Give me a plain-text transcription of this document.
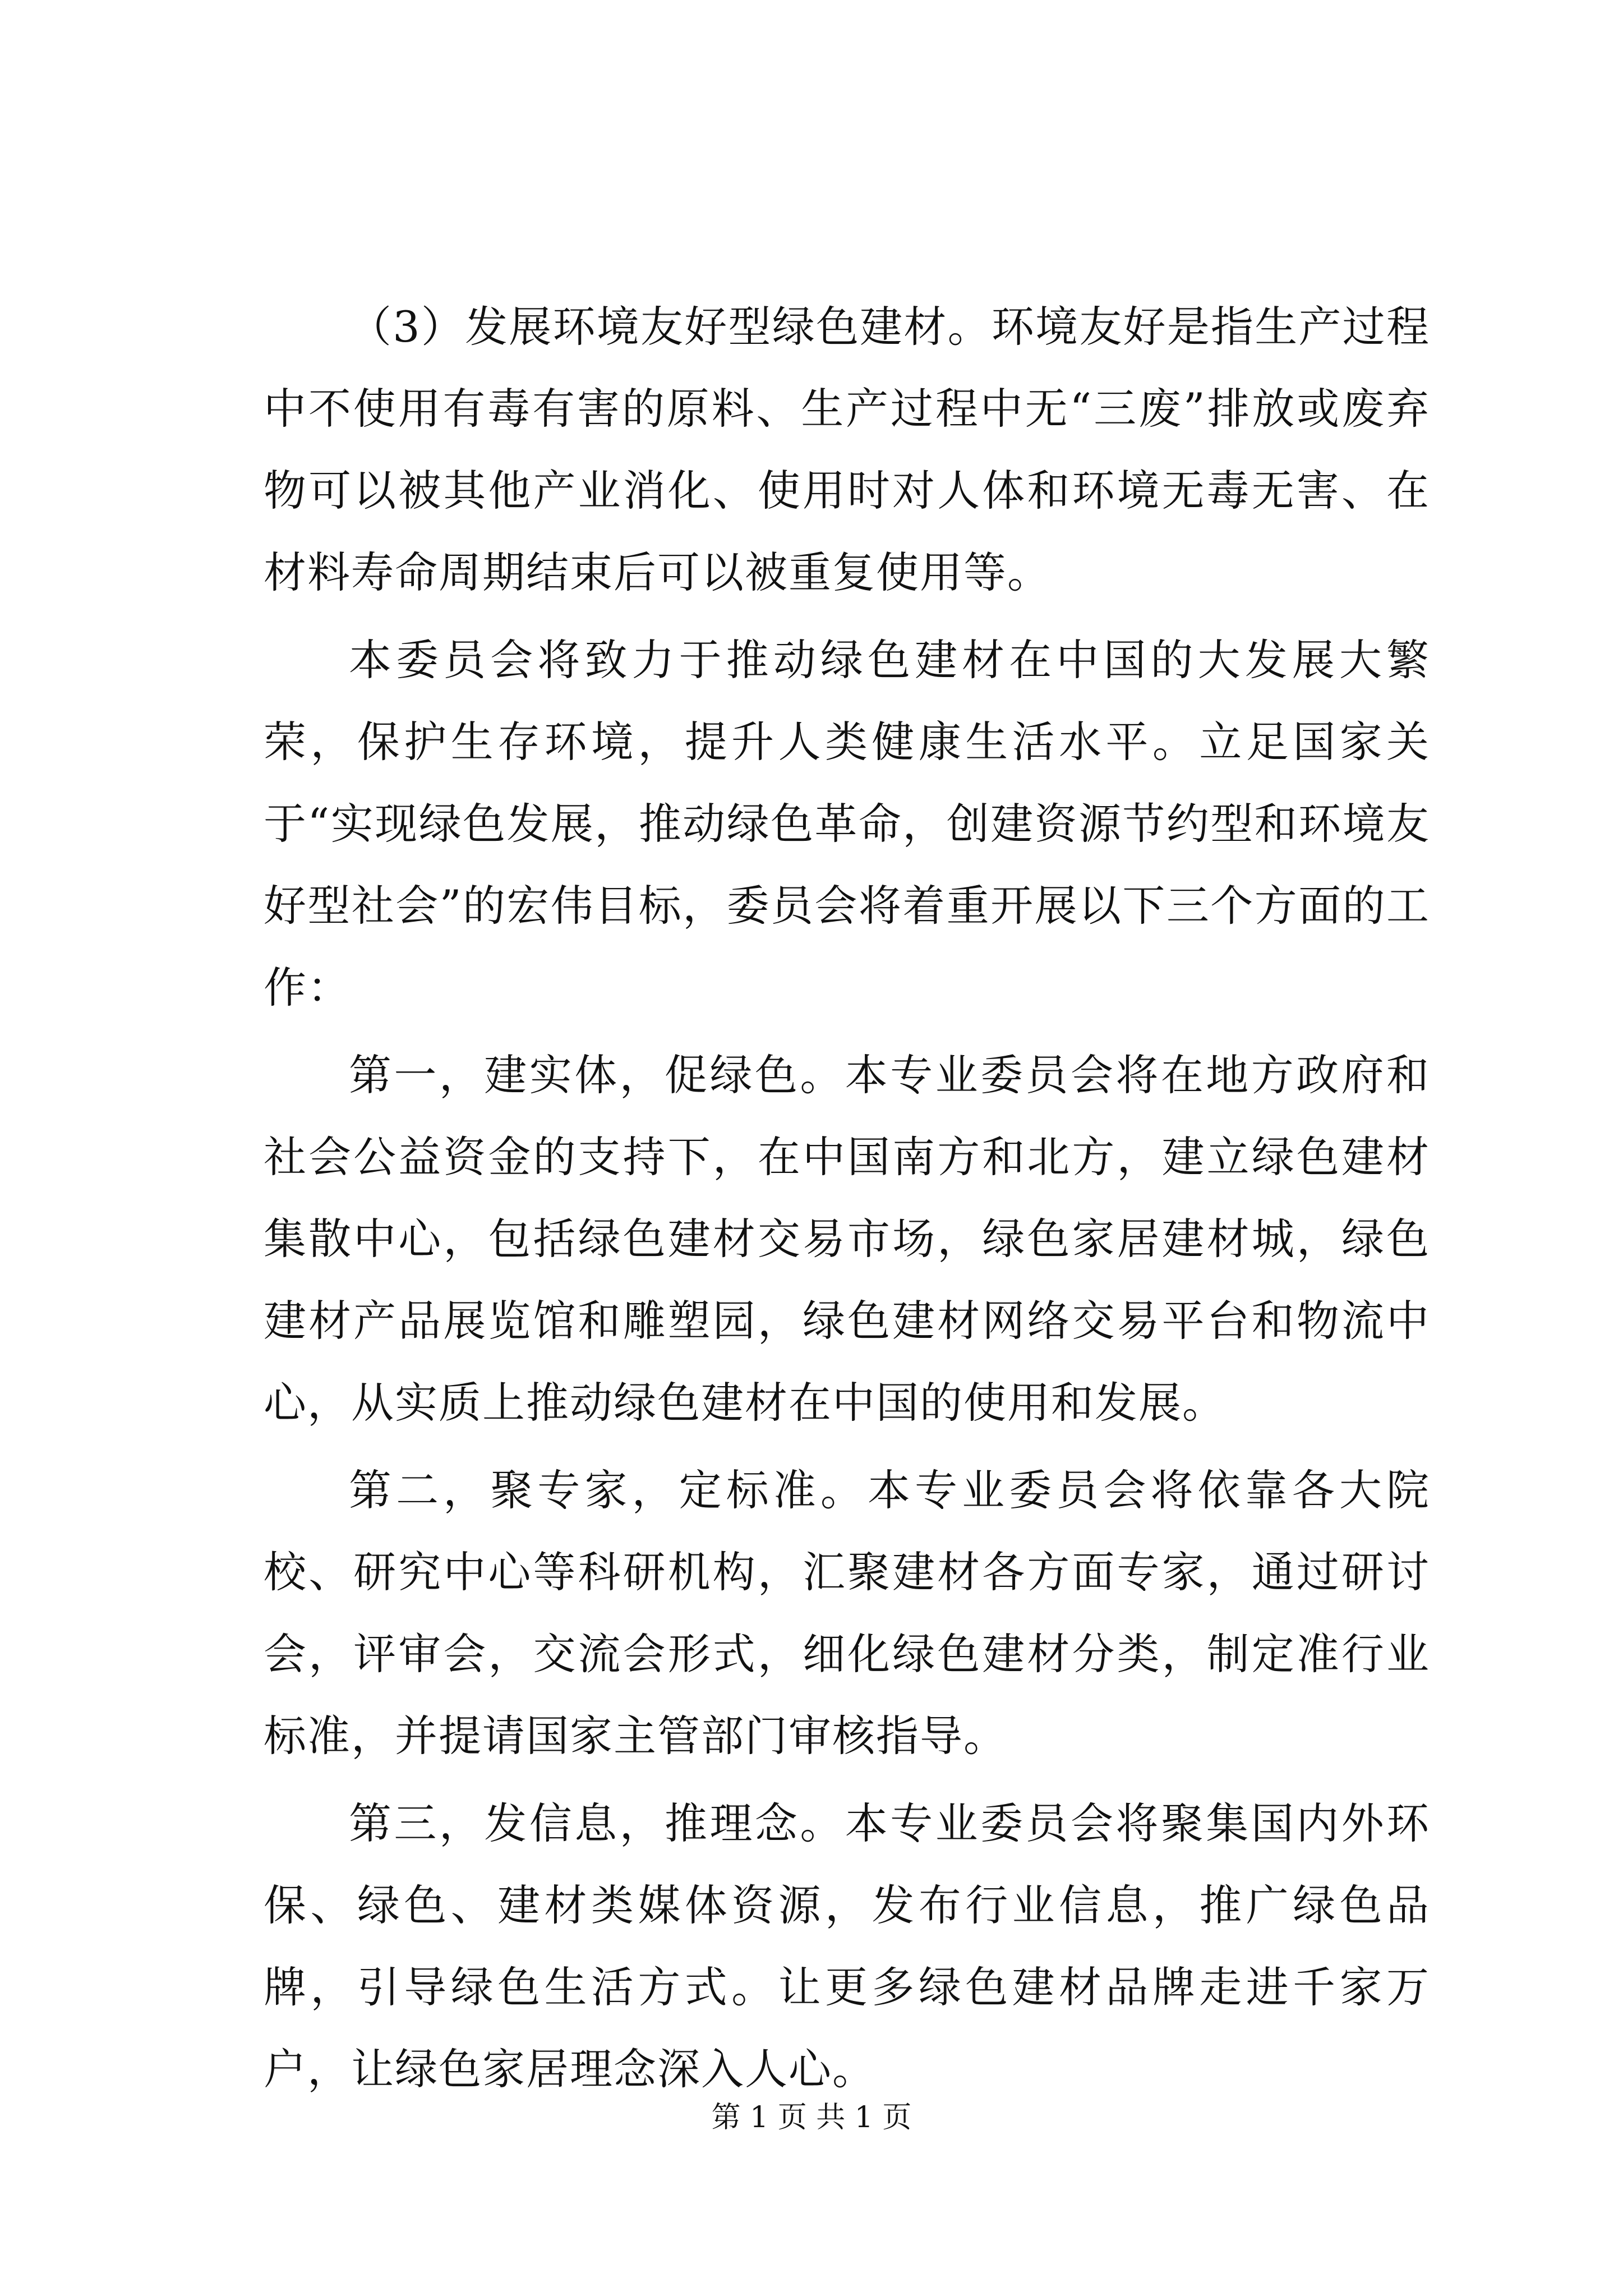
（3）发展环境友好型绿色建材。环境友好是指生产过程中不使用有毒有害的原料、生产过程中无“三废”排放或废弃物可以被其他产业消化、使用时对人体和环境无毒无害、在材料寿命周期结束后可以被重复使用等。

本委员会将致力于推动绿色建材在中国的大发展大繁荣，保护生存环境，提升人类健康生活水平。立足国家关于“实现绿色发展，推动绿色革命，创建资源节约型和环境友好型社会”的宏伟目标，委员会将着重开展以下三个方面的工作：

第一，建实体，促绿色。本专业委员会将在地方政府和社会公益资金的支持下，在中国南方和北方，建立绿色建材集散中心，包括绿色建材交易市场，绿色家居建材城，绿色建材产品展览馆和雕塑园，绿色建材网络交易平台和物流中心，从实质上推动绿色建材在中国的使用和发展。

第二，聚专家，定标准。本专业委员会将依靠各大院校、研究中心等科研机构，汇聚建材各方面专家，通过研讨会，评审会，交流会形式，细化绿色建材分类，制定准行业标准，并提请国家主管部门审核指导。

第三，发信息，推理念。本专业委员会将聚集国内外环保、绿色、建材类媒体资源，发布行业信息，推广绿色品牌，引导绿色生活方式。让更多绿色建材品牌走进千家万户，让绿色家居理念深入人心。

第 1 页 共 1 页
